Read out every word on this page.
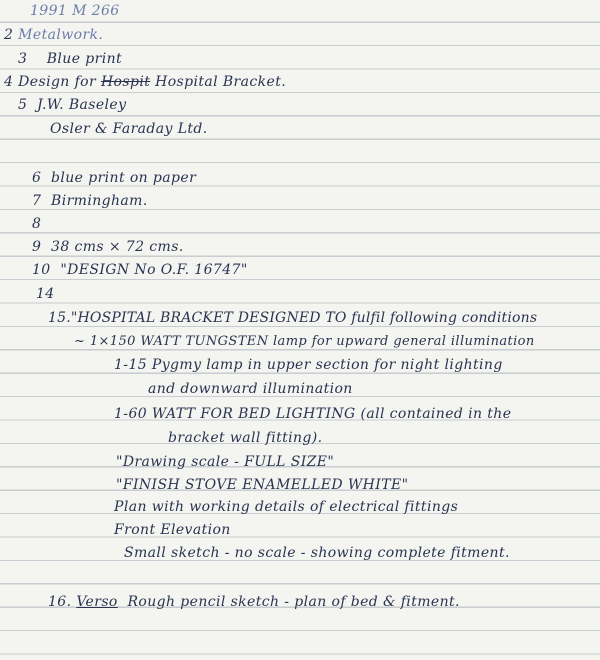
1991 M 266
2 Metalwork.
3 Blue print
4 Design for Hospit Hospital Bracket.
5 J.W. Baseley
Osler & Faraday Ltd.
6 blue print on paper
7 Birmingham.
8
9 38 cms × 72 cms.
10 "DESIGN No O.F. 16747"
14
15."HOSPITAL BRACKET DESIGNED TO fulfil following conditions
~ 1×150 WATT TUNGSTEN lamp for upward general illumination
1-15 Pygmy lamp in upper section for night lighting
and downward illumination
1-60 WATT FOR BED LIGHTING (all contained in the
bracket wall fitting).
"Drawing scale - FULL SIZE"
"FINISH STOVE ENAMELLED WHITE"
Plan with working details of electrical fittings
Front Elevation
Small sketch - no scale - showing complete fitment.
16. Verso Rough pencil sketch - plan of bed & fitment.
